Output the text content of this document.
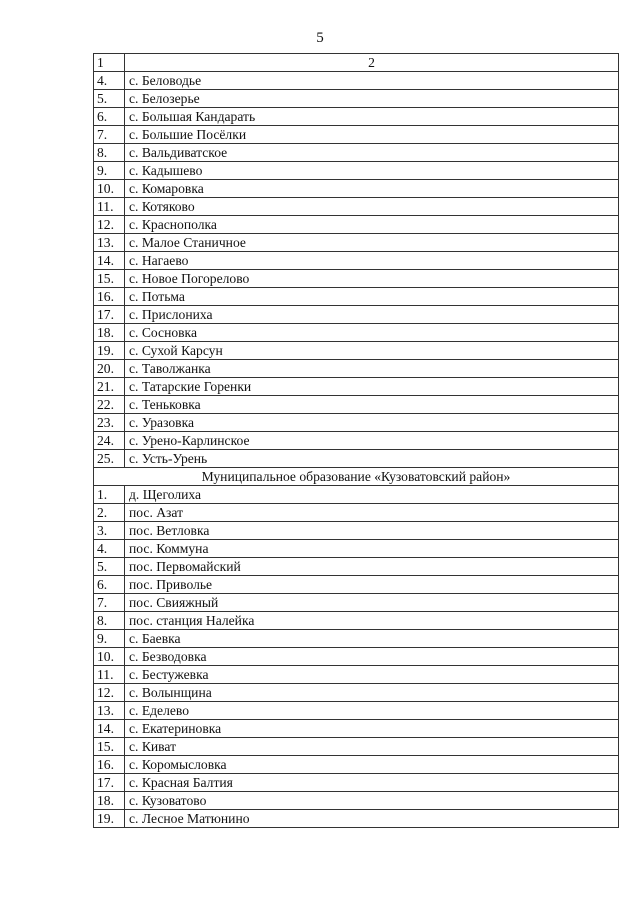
5
1	2
4.	с. Беловодье
5.	с. Белозерье
6.	с. Большая Кандарать
7.	с. Большие Посёлки
8.	с. Вальдиватское
9.	с. Кадышево
10.	с. Комаровка
11.	с. Котяково
12.	с. Краснополка
13.	с. Малое Станичное
14.	с. Нагаево
15.	с. Новое Погорелово
16.	с. Потьма
17.	с. Прислониха
18.	с. Сосновка
19.	с. Сухой Карсун
20.	с. Таволжанка
21.	с. Татарские Горенки
22.	с. Теньковка
23.	с. Уразовка
24.	с. Урено-Карлинское
25.	с. Усть-Урень
Муниципальное образование «Кузоватовский район»	
1.	д. Щеголиха
2.	пос. Азат
3.	пос. Ветловка
4.	пос. Коммуна
5.	пос. Первомайский
6.	пос. Приволье
7.	пос. Свияжный
8.	пос. станция Налейка
9.	с. Баевка
10.	с. Безводовка
11.	с. Бестужевка
12.	с. Волынщина
13.	с. Еделево
14.	с. Екатериновка
15.	с. Киват
16.	с. Коромысловка
17.	с. Красная Балтия
18.	с. Кузоватово
19.	с. Лесное Матюнино
